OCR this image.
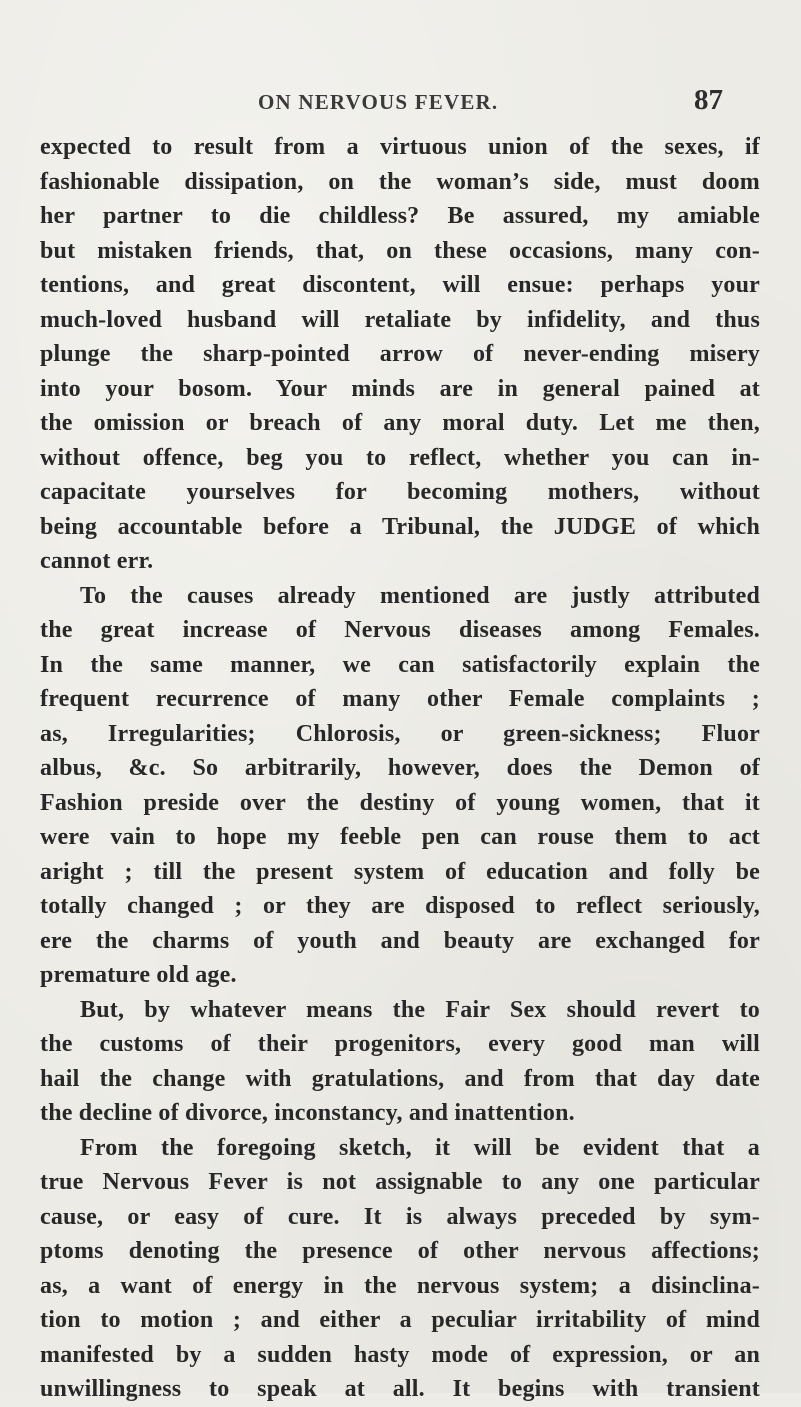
ON NERVOUS FEVER.	87
expected to result from a virtuous union of the sexes, if
fashionable dissipation, on the woman’s side, must doom
her partner to die childless? Be assured, my amiable
but mistaken friends, that, on these occasions, many con-
tentions, and great discontent, will ensue: perhaps your
much-loved husband will retaliate by infidelity, and thus
plunge the sharp-pointed arrow of never-ending misery
into your bosom. Your minds are in general pained at
the omission or breach of any moral duty. Let me then,
without offence, beg you to reflect, whether you can in-
capacitate yourselves for becoming mothers, without
being accountable before a Tribunal, the JUDGE of which
cannot err.
To the causes already mentioned are justly attributed
the great increase of Nervous diseases among Females.
In the same manner, we can satisfactorily explain the
frequent recurrence of many other Female complaints ;
as, Irregularities; Chlorosis, or green-sickness; Fluor
albus, &c. So arbitrarily, however, does the Demon of
Fashion preside over the destiny of young women, that it
were vain to hope my feeble pen can rouse them to act
aright ; till the present system of education and folly be
totally changed ; or they are disposed to reflect seriously,
ere the charms of youth and beauty are exchanged for
premature old age.
But, by whatever means the Fair Sex should revert to
the customs of their progenitors, every good man will
hail the change with gratulations, and from that day date
the decline of divorce, inconstancy, and inattention.
From the foregoing sketch, it will be evident that a
true Nervous Fever is not assignable to any one particular
cause, or easy of cure. It is always preceded by sym-
ptoms denoting the presence of other nervous affections;
as, a want of energy in the nervous system; a disinclina-
tion to motion ; and either a peculiar irritability of mind
manifested by a sudden hasty mode of expression, or an
unwillingness to speak at all. It begins with transient
